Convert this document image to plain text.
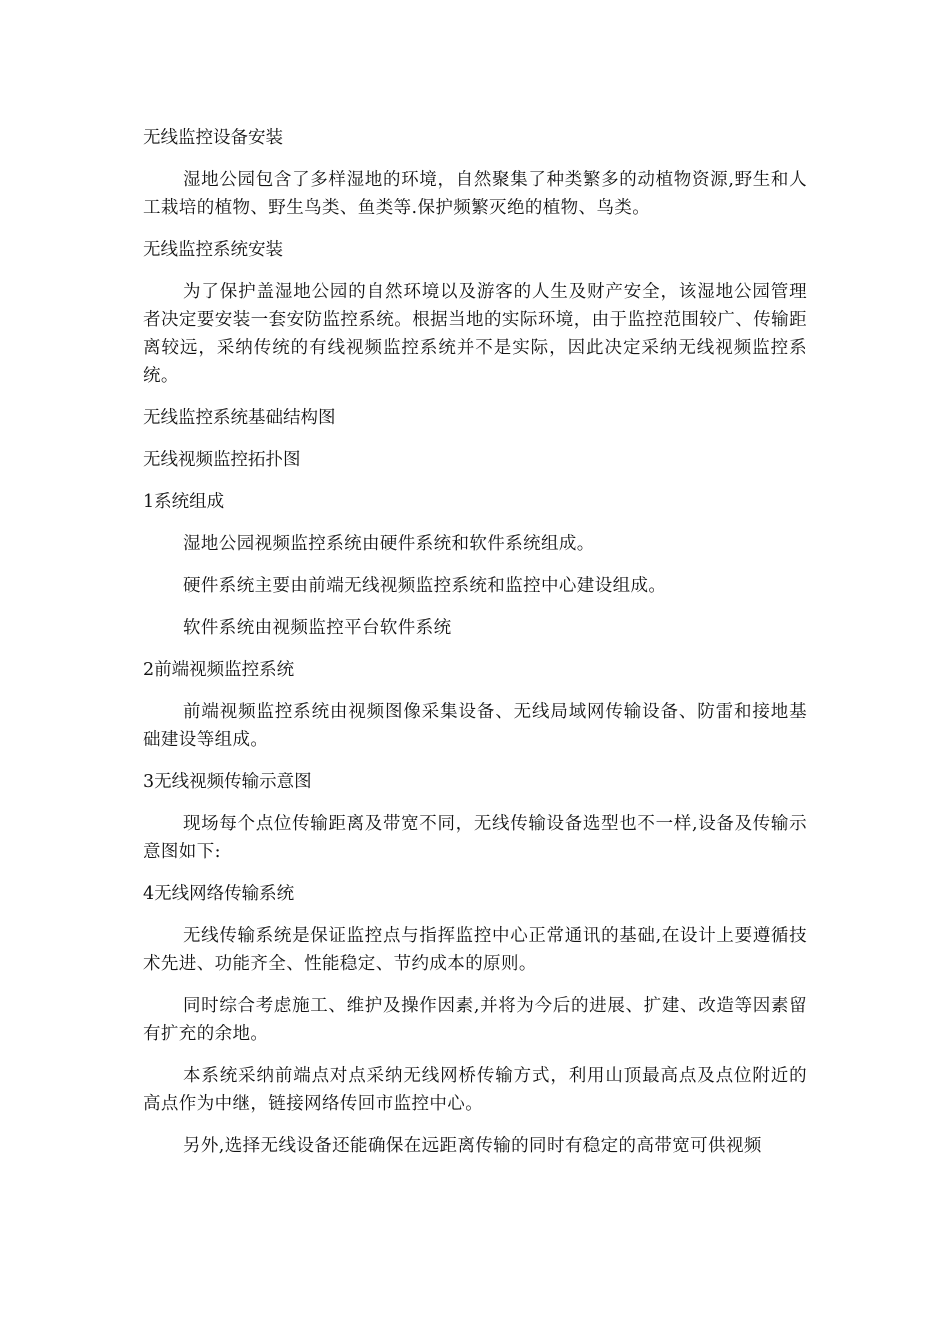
无线监控设备安装
湿地公园包含了多样湿地的环境，自然聚集了种类繁多的动植物资源,野生和人工栽培的植物、野生鸟类、鱼类等.保护频繁灭绝的植物、鸟类。
无线监控系统安装
为了保护盖湿地公园的自然环境以及游客的人生及财产安全，该湿地公园管理者决定要安装一套安防监控系统。根据当地的实际环境，由于监控范围较广、传输距离较远，采纳传统的有线视频监控系统并不是实际，因此决定采纳无线视频监控系统。
无线监控系统基础结构图
无线视频监控拓扑图
1系统组成
湿地公园视频监控系统由硬件系统和软件系统组成。
硬件系统主要由前端无线视频监控系统和监控中心建设组成。
软件系统由视频监控平台软件系统
2前端视频监控系统
前端视频监控系统由视频图像采集设备、无线局域网传输设备、防雷和接地基础建设等组成。
3无线视频传输示意图
现场每个点位传输距离及带宽不同，无线传输设备选型也不一样,设备及传输示意图如下:
4无线网络传输系统
无线传输系统是保证监控点与指挥监控中心正常通讯的基础,在设计上要遵循技术先进、功能齐全、性能稳定、节约成本的原则。
同时综合考虑施工、维护及操作因素,并将为今后的进展、扩建、改造等因素留有扩充的余地。
本系统采纳前端点对点采纳无线网桥传输方式，利用山顶最高点及点位附近的高点作为中继，链接网络传回市监控中心。
另外,选择无线设备还能确保在远距离传输的同时有稳定的高带宽可供视频
